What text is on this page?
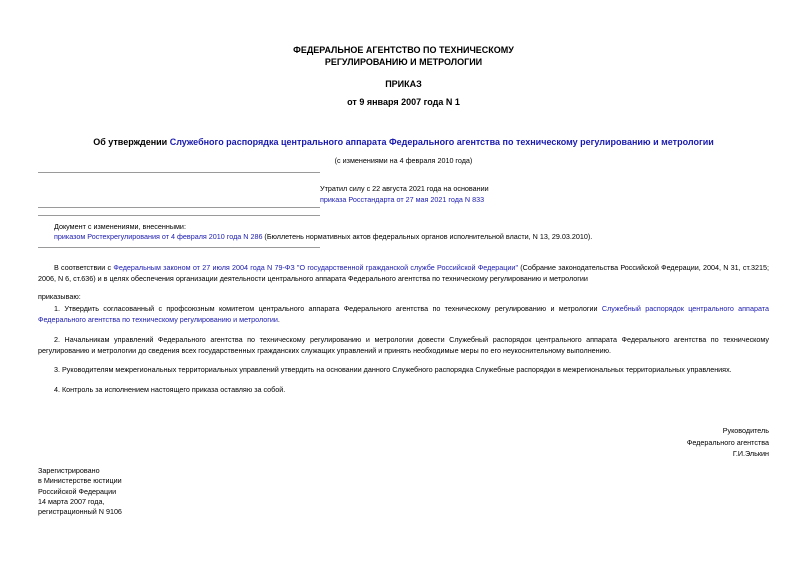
ФЕДЕРАЛЬНОЕ АГЕНТСТВО ПО ТЕХНИЧЕСКОМУ
РЕГУЛИРОВАНИЮ И МЕТРОЛОГИИ
ПРИКАЗ
от 9 января 2007 года N 1
Об утверждении Служебного распорядка центрального аппарата Федерального агентства по техническому регулированию и метрологии
(с изменениями на 4 февраля 2010 года)
Утратил силу с 22 августа 2021 года на основании
приказа Росстандарта от 27 мая 2021 года N 833
Документ с изменениями, внесенными:
приказом Ростехрегулирования от 4 февраля 2010 года N 286 (Бюллетень нормативных актов федеральных органов исполнительной власти, N 13, 29.03.2010).
В соответствии с Федеральным законом от 27 июля 2004 года N 79-ФЗ "О государственной гражданской службе Российской Федерации" (Собрание законодательства Российской Федерации, 2004, N 31, ст.3215; 2006, N 6, ст.636) и в целях обеспечения организации деятельности центрального аппарата Федерального агентства по техническому регулированию и метрологии
приказываю:
1. Утвердить согласованный с профсоюзным комитетом центрального аппарата Федерального агентства по техническому регулированию и метрологии Служебный распорядок центрального аппарата Федерального агентства по техническому регулированию и метрологии.
2. Начальникам управлений Федерального агентства по техническому регулированию и метрологии довести Служебный распорядок центрального аппарата Федерального агентства по техническому регулированию и метрологии до сведения всех государственных гражданских служащих управлений и принять необходимые меры по его неукоснительному выполнению.
3. Руководителям межрегиональных территориальных управлений утвердить на основании данного Служебного распорядка Служебные распорядки в межрегиональных территориальных управлениях.
4. Контроль за исполнением настоящего приказа оставляю за собой.
Руководитель
Федерального агентства
Г.И.Элькин
Зарегистрировано
в Министерстве юстиции
Российской Федерации
14 марта 2007 года,
регистрационный N 9106
